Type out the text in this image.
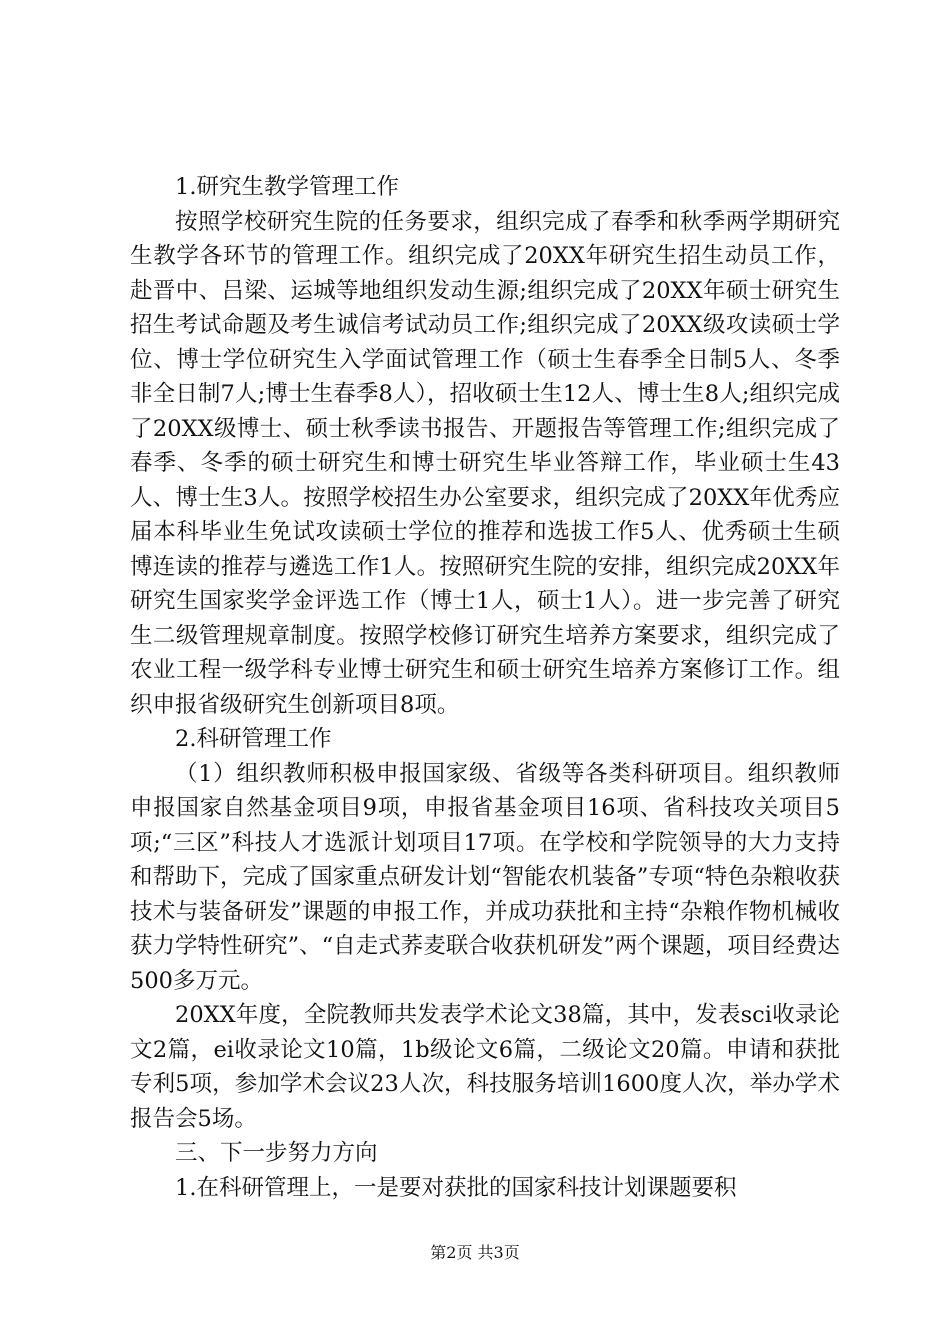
1.研究生教学管理工作

按照学校研究生院的任务要求，组织完成了春季和秋季两学期研究生教学各环节的管理工作。组织完成了20XX年研究生招生动员工作，赴晋中、吕梁、运城等地组织发动生源;组织完成了20XX年硕士研究生招生考试命题及考生诚信考试动员工作;组织完成了20XX级攻读硕士学位、博士学位研究生入学面试管理工作（硕士生春季全日制5人、冬季非全日制7人;博士生春季8人），招收硕士生12人、博士生8人;组织完成了20XX级博士、硕士秋季读书报告、开题报告等管理工作;组织完成了春季、冬季的硕士研究生和博士研究生毕业答辩工作，毕业硕士生43人、博士生3人。按照学校招生办公室要求，组织完成了20XX年优秀应届本科毕业生免试攻读硕士学位的推荐和选拔工作5人、优秀硕士生硕博连读的推荐与遴选工作1人。按照研究生院的安排，组织完成20XX年研究生国家奖学金评选工作（博士1人，硕士1人）。进一步完善了研究生二级管理规章制度。按照学校修订研究生培养方案要求，组织完成了农业工程一级学科专业博士研究生和硕士研究生培养方案修订工作。组织申报省级研究生创新项目8项。

2.科研管理工作

（1）组织教师积极申报国家级、省级等各类科研项目。组织教师申报国家自然基金项目9项，申报省基金项目16项、省科技攻关项目5项;“三区”科技人才选派计划项目17项。在学校和学院领导的大力支持和帮助下，完成了国家重点研发计划“智能农机装备”专项“特色杂粮收获技术与装备研发”课题的申报工作，并成功获批和主持“杂粮作物机械收获力学特性研究”、“自走式荞麦联合收获机研发”两个课题，项目经费达500多万元。

20XX年度，全院教师共发表学术论文38篇，其中，发表sci收录论文2篇，ei收录论文10篇，1b级论文6篇，二级论文20篇。申请和获批专利5项，参加学术会议23人次，科技服务培训1600度人次，举办学术报告会5场。

三、下一步努力方向

1.在科研管理上，一是要对获批的国家科技计划课题要积

第2页 共3页
